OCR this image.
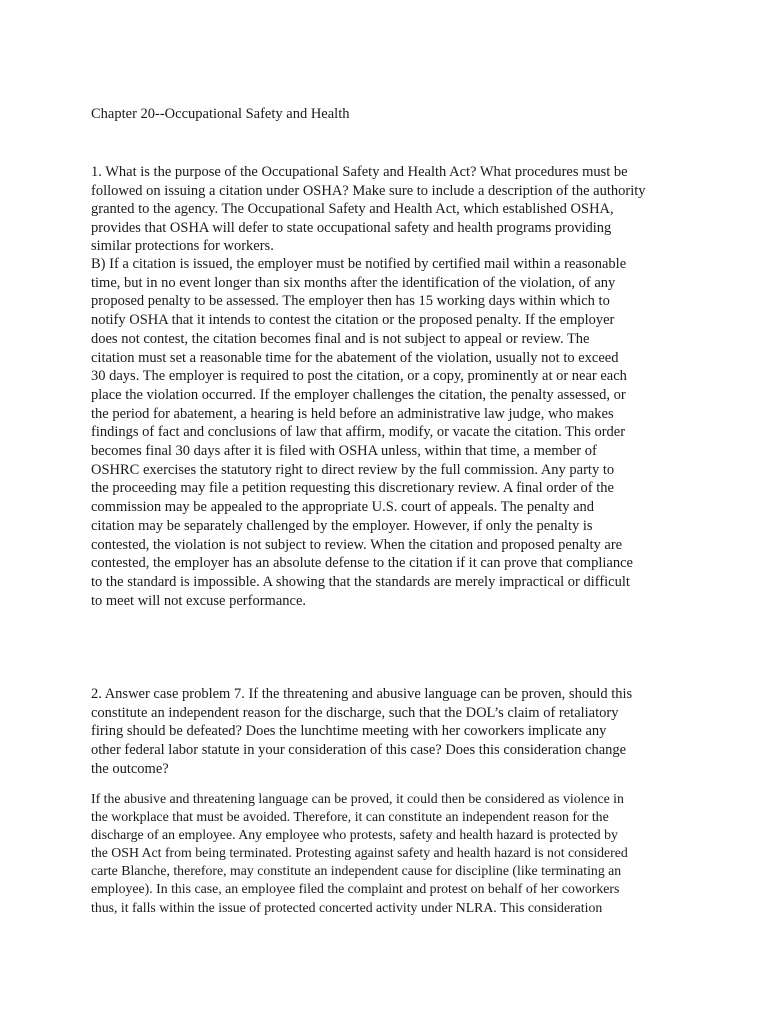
Chapter 20--Occupational Safety and Health

1. What is the purpose of the Occupational Safety and Health Act? What procedures must be
followed on issuing a citation under OSHA? Make sure to include a description of the authority
granted to the agency. The Occupational Safety and Health Act, which established OSHA,
provides that OSHA will defer to state occupational safety and health programs providing
similar protections for workers.

B) If a citation is issued, the employer must be notified by certified mail within a reasonable
time, but in no event longer than six months after the identification of the violation, of any
proposed penalty to be assessed. The employer then has 15 working days within which to
notify OSHA that it intends to contest the citation or the proposed penalty. If the employer
does not contest, the citation becomes final and is not subject to appeal or review. The
citation must set a reasonable time for the abatement of the violation, usually not to exceed
30 days. The employer is required to post the citation, or a copy, prominently at or near each
place the violation occurred. If the employer challenges the citation, the penalty assessed, or
the period for abatement, a hearing is held before an administrative law judge, who makes
findings of fact and conclusions of law that affirm, modify, or vacate the citation. This order
becomes final 30 days after it is filed with OSHA unless, within that time, a member of
OSHRC exercises the statutory right to direct review by the full commission. Any party to
the proceeding may file a petition requesting this discretionary review. A final order of the
commission may be appealed to the appropriate U.S. court of appeals. The penalty and
citation may be separately challenged by the employer. However, if only the penalty is
contested, the violation is not subject to review. When the citation and proposed penalty are
contested, the employer has an absolute defense to the citation if it can prove that compliance
to the standard is impossible. A showing that the standards are merely impractical or difficult
to meet will not excuse performance.

2. Answer case problem 7. If the threatening and abusive language can be proven, should this
constitute an independent reason for the discharge, such that the DOL’s claim of retaliatory
firing should be defeated? Does the lunchtime meeting with her coworkers implicate any
other federal labor statute in your consideration of this case? Does this consideration change
the outcome?

If the abusive and threatening language can be proved, it could then be considered as violence in
the workplace that must be avoided. Therefore, it can constitute an independent reason for the
discharge of an employee. Any employee who protests, safety and health hazard is protected by
the OSH Act from being terminated. Protesting against safety and health hazard is not considered
carte Blanche, therefore, may constitute an independent cause for discipline (like terminating an
employee). In this case, an employee filed the complaint and protest on behalf of her coworkers
thus, it falls within the issue of protected concerted activity under NLRA. This consideration
